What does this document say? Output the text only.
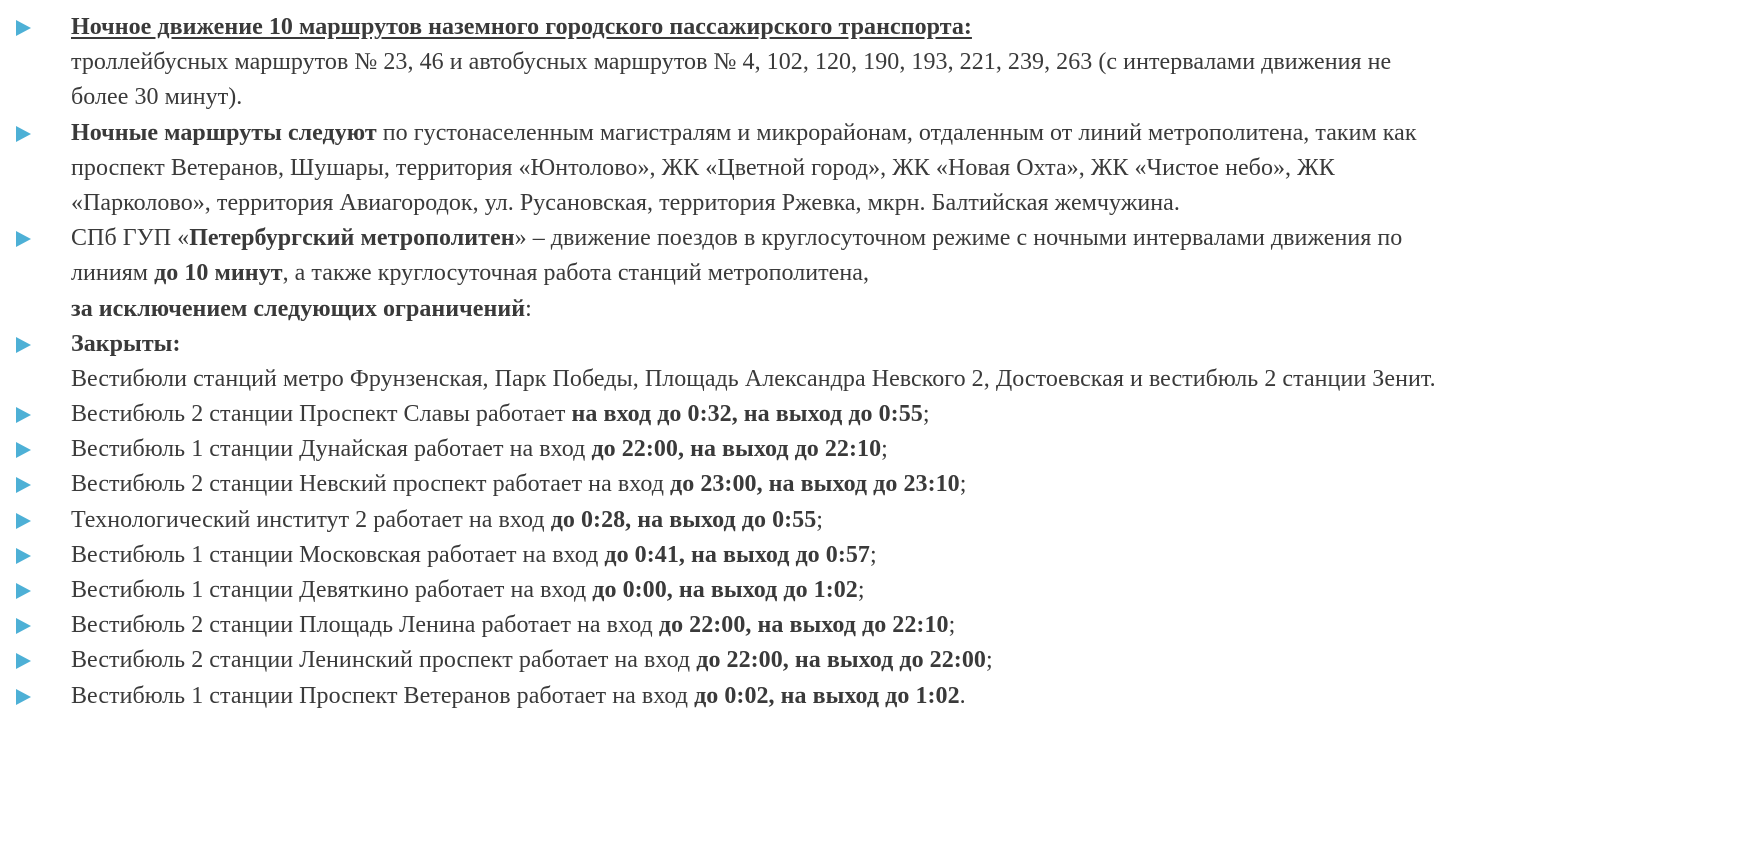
Ночное движение 10 маршрутов наземного городского пассажирского транспорта:
троллейбусных маршрутов № 23, 46 и автобусных маршрутов № 4, 102, 120, 190, 193, 221, 239, 263 (с интервалами движения не
более 30 минут).
Ночные маршруты следуют по густонаселенным магистралям и микрорайонам, отдаленным от линий метрополитена, таким как
проспект Ветеранов, Шушары, территория «Юнтолово», ЖК «Цветной город», ЖК «Новая Охта», ЖК «Чистое небо», ЖК
«Парколово», территория Авиагородок, ул. Русановская, территория Ржевка, мкрн. Балтийская жемчужина.
СПб ГУП «Петербургский метрополитен» – движение поездов в круглосуточном режиме с ночными интервалами движения по
линиям до 10 минут, а также круглосуточная работа станций метрополитена,
за исключением следующих ограничений:
Закрыты:
Вестибюли станций метро Фрунзенская, Парк Победы, Площадь Александра Невского 2, Достоевская и вестибюль 2 станции Зенит.
Вестибюль 2 станции Проспект Славы работает на вход до 0:32, на выход до 0:55;
Вестибюль 1 станции Дунайская работает на вход до 22:00, на выход до 22:10;
Вестибюль 2 станции Невский проспект работает на вход до 23:00, на выход до 23:10;
Технологический институт 2 работает на вход до 0:28, на выход до 0:55;
Вестибюль 1 станции Московская работает на вход до 0:41, на выход до 0:57;
Вестибюль 1 станции Девяткино работает на вход до 0:00, на выход до 1:02;
Вестибюль 2 станции Площадь Ленина работает на вход до 22:00, на выход до 22:10;
Вестибюль 2 станции Ленинский проспект работает на вход до 22:00, на выход до 22:00;
Вестибюль 1 станции Проспект Ветеранов работает на вход до 0:02, на выход до 1:02.
